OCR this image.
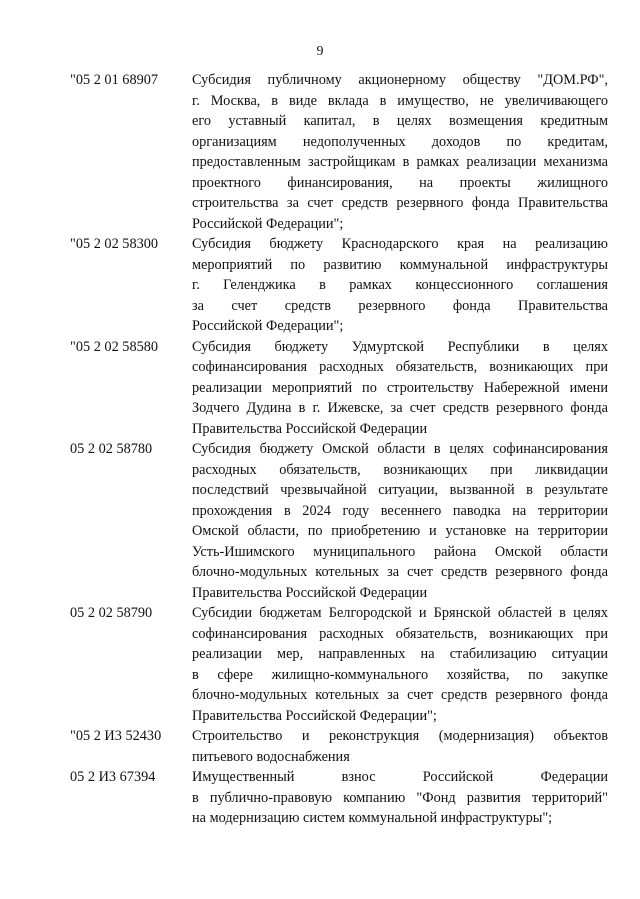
9
"05 2 01 68907	Субсидия публичному акционерному обществу "ДОМ.РФ",
г. Москва, в виде вклада в имущество, не увеличивающего
его уставный капитал, в целях возмещения кредитным
организациям недополученных доходов по кредитам,
предоставленным застройщикам в рамках реализации механизма
проектного финансирования, на проекты жилищного
строительства за счет средств резервного фонда Правительства
Российской Федерации";
"05 2 02 58300	Субсидия бюджету Краснодарского края на реализацию
мероприятий по развитию коммунальной инфраструктуры
г. Геленджика в рамках концессионного соглашения
за счет средств резервного фонда Правительства
Российской Федерации";
"05 2 02 58580	Субсидия бюджету Удмуртской Республики в целях
софинансирования расходных обязательств, возникающих при
реализации мероприятий по строительству Набережной имени
Зодчего Дудина в г. Ижевске, за счет средств резервного фонда
Правительства Российской Федерации
05 2 02 58780	Субсидия бюджету Омской области в целях софинансирования
расходных обязательств, возникающих при ликвидации
последствий чрезвычайной ситуации, вызванной в результате
прохождения в 2024 году весеннего паводка на территории
Омской области, по приобретению и установке на территории
Усть-Ишимского муниципального района Омской области
блочно-модульных котельных за счет средств резервного фонда
Правительства Российской Федерации
05 2 02 58790	Субсидии бюджетам Белгородской и Брянской областей в целях
софинансирования расходных обязательств, возникающих при
реализации мер, направленных на стабилизацию ситуации
в сфере жилищно-коммунального хозяйства, по закупке
блочно-модульных котельных за счет средств резервного фонда
Правительства Российской Федерации";
"05 2 И3 52430	Строительство и реконструкция (модернизация) объектов
питьевого водоснабжения
05 2 И3 67394	Имущественный взнос Российской Федерации
в публично-правовую компанию "Фонд развития территорий"
на модернизацию систем коммунальной инфраструктуры";
